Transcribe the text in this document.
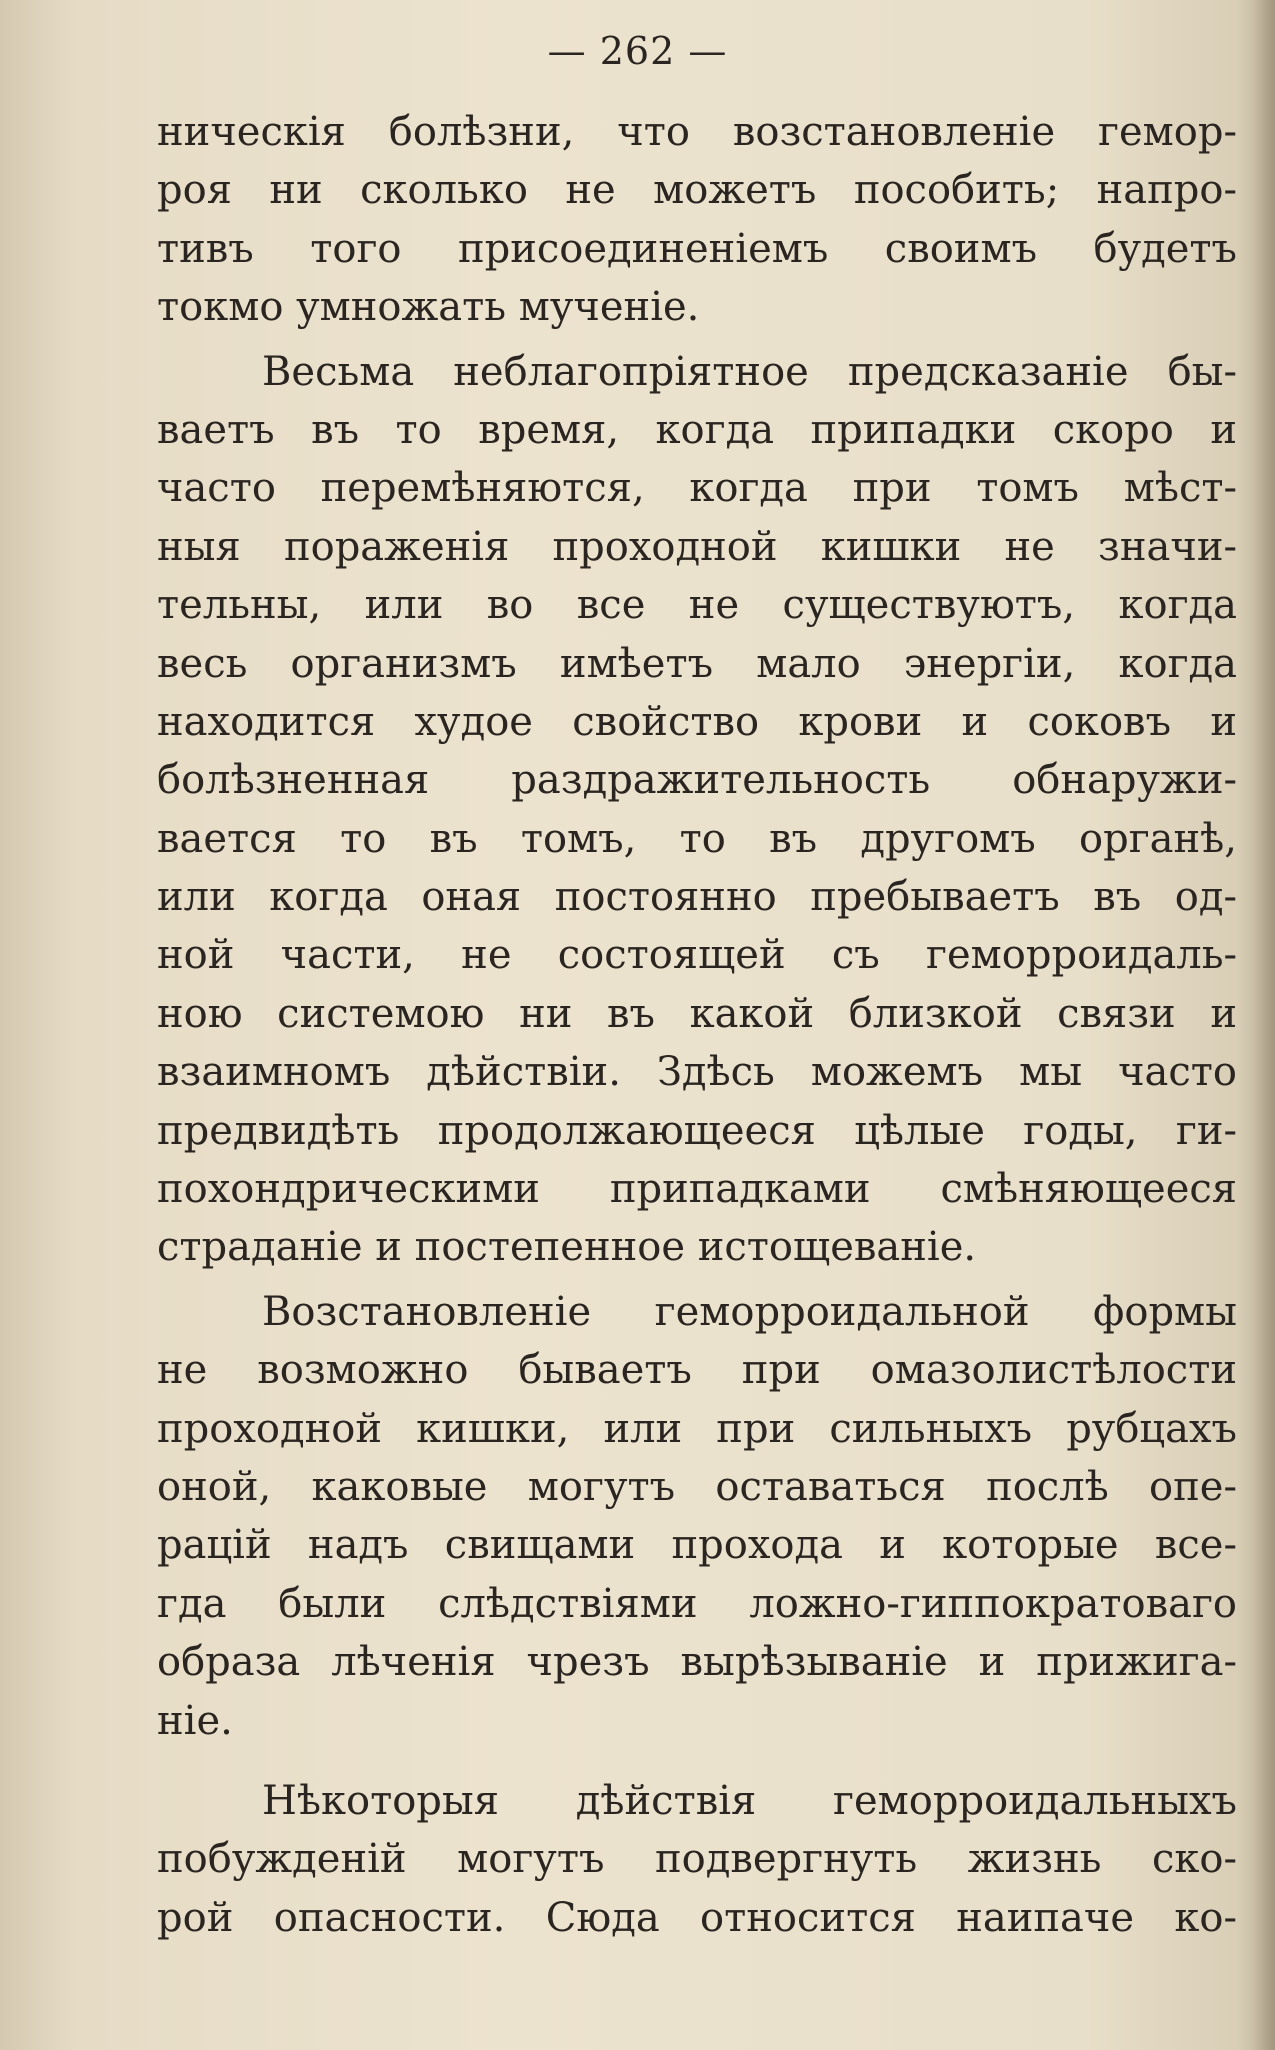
— 262 —
ническія болѣзни, что возстановленіе гемор-
роя ни сколько не можетъ пособить; напро-
тивъ того присоединеніемъ своимъ будетъ
токмо умножать мученіе.
Весьма неблагопріятное предсказаніе бы-
ваетъ въ то время, когда припадки скоро и
часто перемѣняются, когда при томъ мѣст-
ныя пораженія проходной кишки не значи-
тельны, или во все не существуютъ, когда
весь организмъ имѣетъ мало энергіи, когда
находится худое свойство крови и соковъ и
болѣзненная раздражительность обнаружи-
вается то въ томъ, то въ другомъ органѣ,
или когда оная постоянно пребываетъ въ од-
ной части, не состоящей съ геморроидаль-
ною системою ни въ какой близкой связи и
взаимномъ дѣйствіи. Здѣсь можемъ мы часто
предвидѣть продолжающееся цѣлые годы, ги-
похондрическими припадками смѣняющееся
страданіе и постепенное истощеваніе.
Возстановленіе геморроидальной формы
не возможно бываетъ при омазолистѣлости
проходной кишки, или при сильныхъ рубцахъ
оной, каковые могутъ оставаться послѣ опе-
рацій надъ свищами прохода и которые все-
гда были слѣдствіями ложно-гиппократоваго
образа лѣченія чрезъ вырѣзываніе и прижига-
ніе.
Нѣкоторыя дѣйствія геморроидальныхъ
побужденій могутъ подвергнуть жизнь ско-
рой опасности. Сюда относится наипаче ко-
